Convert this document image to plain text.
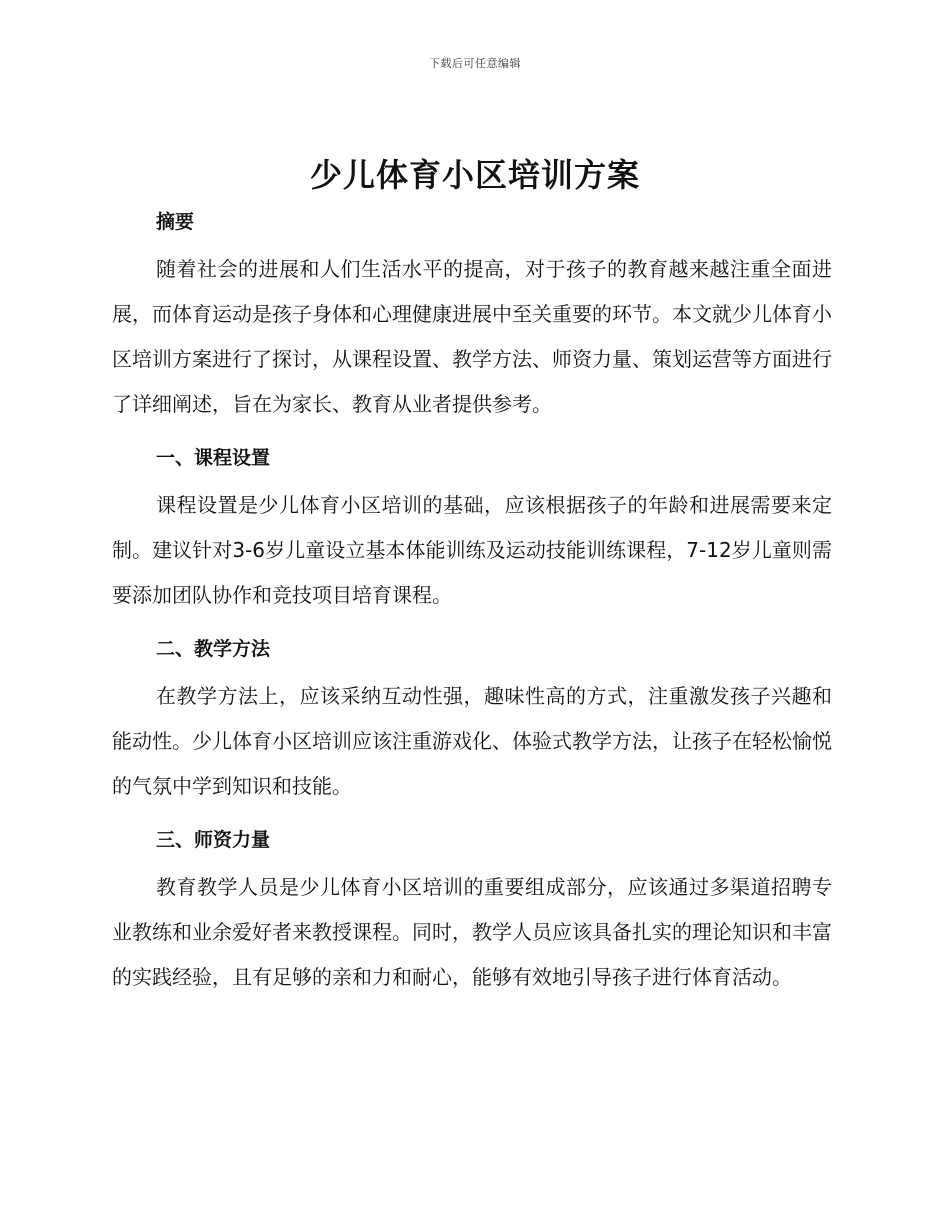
下载后可任意编辑
少儿体育小区培训方案
摘要

随着社会的进展和人们生活水平的提高，对于孩子的教育越来越注重全面进展，而体育运动是孩子身体和心理健康进展中至关重要的环节。本文就少儿体育小区培训方案进行了探讨，从课程设置、教学方法、师资力量、策划运营等方面进行了详细阐述，旨在为家长、教育从业者提供参考。

一、课程设置

课程设置是少儿体育小区培训的基础，应该根据孩子的年龄和进展需要来定制。建议针对3-6岁儿童设立基本体能训练及运动技能训练课程，7-12岁儿童则需要添加团队协作和竞技项目培育课程。

二、教学方法

在教学方法上，应该采纳互动性强，趣味性高的方式，注重激发孩子兴趣和能动性。少儿体育小区培训应该注重游戏化、体验式教学方法，让孩子在轻松愉悦的气氛中学到知识和技能。

三、师资力量

教育教学人员是少儿体育小区培训的重要组成部分，应该通过多渠道招聘专业教练和业余爱好者来教授课程。同时，教学人员应该具备扎实的理论知识和丰富的实践经验，且有足够的亲和力和耐心，能够有效地引导孩子进行体育活动。
